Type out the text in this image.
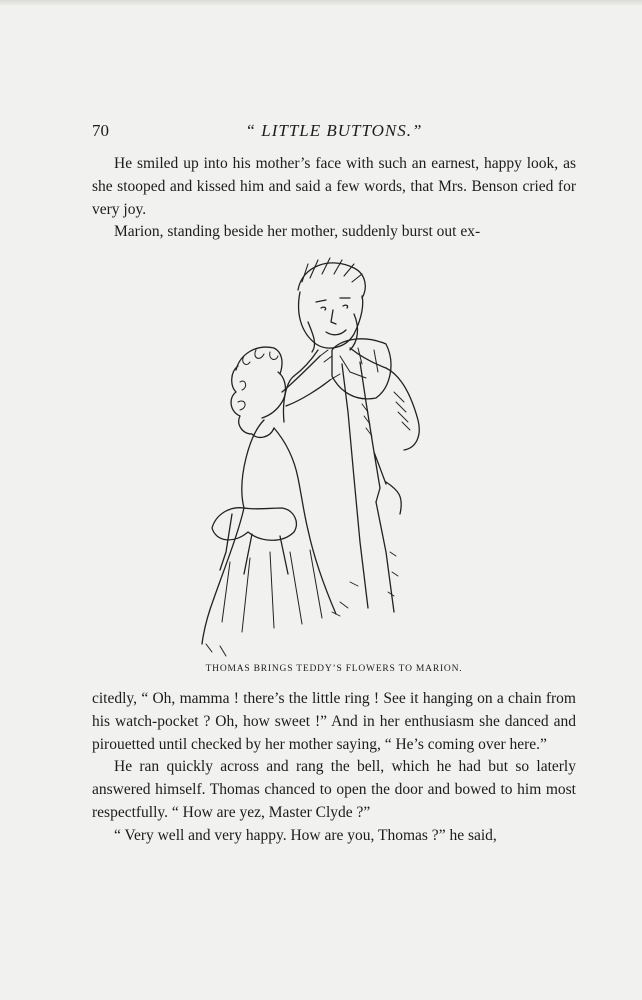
70	“ LITTLE BUTTONS.”

He smiled up into his mother’s face with such an earnest, happy look, as she stooped and kissed him and said a few words, that Mrs. Benson cried for very joy.

Marion, standing beside her mother, suddenly burst out ex-

THOMAS BRINGS TEDDY’S FLOWERS TO MARION.

citedly, “ Oh, mamma ! there’s the little ring ! See it hanging on a chain from his watch-pocket ? Oh, how sweet !” And in her enthusiasm she danced and pirouetted until checked by her mother saying, “ He’s coming over here.”

He ran quickly across and rang the bell, which he had but so laterly answered himself. Thomas chanced to open the door and bowed to him most respectfully. “ How are yez, Master Clyde ?”

“ Very well and very happy. How are you, Thomas ?” he said,
